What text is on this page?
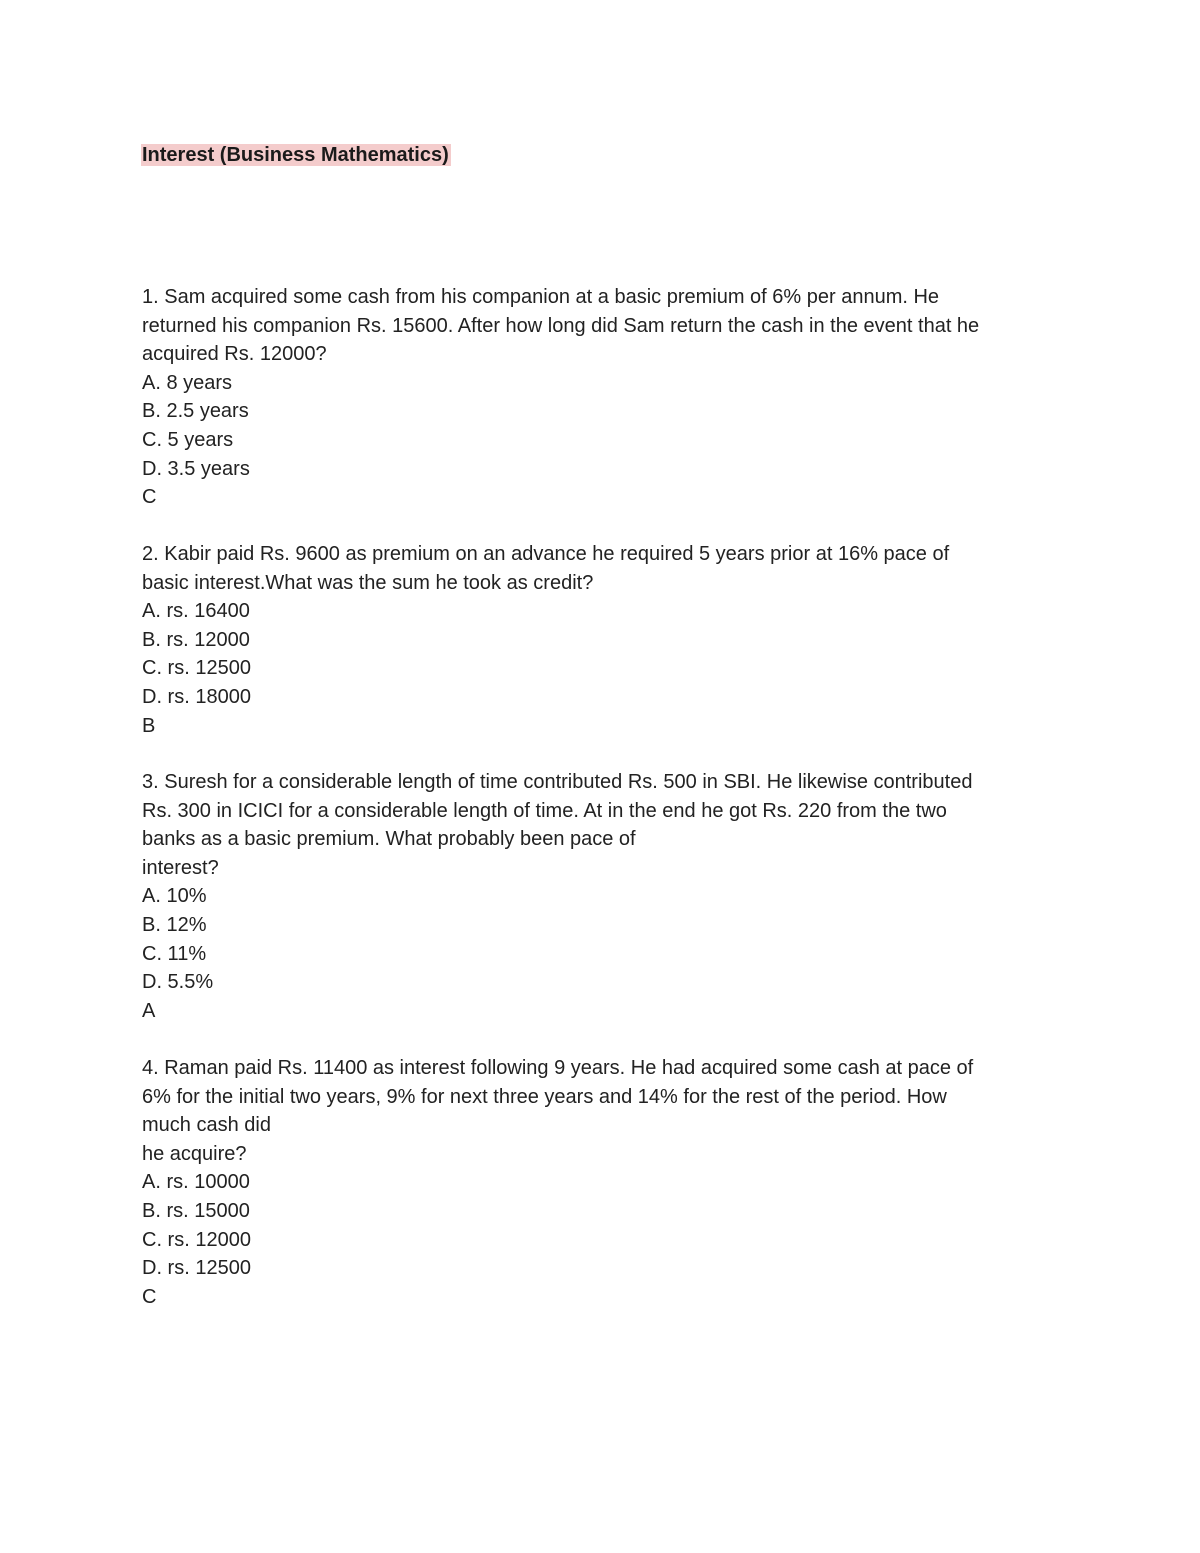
Interest (Business Mathematics)
1. Sam acquired some cash from his companion at a basic premium of 6% per annum. He
returned his companion Rs. 15600. After how long did Sam return the cash in the event that he
acquired Rs. 12000?
A. 8 years
B. 2.5 years
C. 5 years
D. 3.5 years
C
2. Kabir paid Rs. 9600 as premium on an advance he required 5 years prior at 16% pace of
basic interest.What was the sum he took as credit?
A. rs. 16400
B. rs. 12000
C. rs. 12500
D. rs. 18000
B
3. Suresh for a considerable length of time contributed Rs. 500 in SBI. He likewise contributed
Rs. 300 in ICICI for a considerable length of time. At in the end he got Rs. 220 from the two
banks as a basic premium. What probably been pace of
interest?
A. 10%
B. 12%
C. 11%
D. 5.5%
A
4. Raman paid Rs. 11400 as interest following 9 years. He had acquired some cash at pace of
6% for the initial two years, 9% for next three years and 14% for the rest of the period. How
much cash did
he acquire?
A. rs. 10000
B. rs. 15000
C. rs. 12000
D. rs. 12500
C
